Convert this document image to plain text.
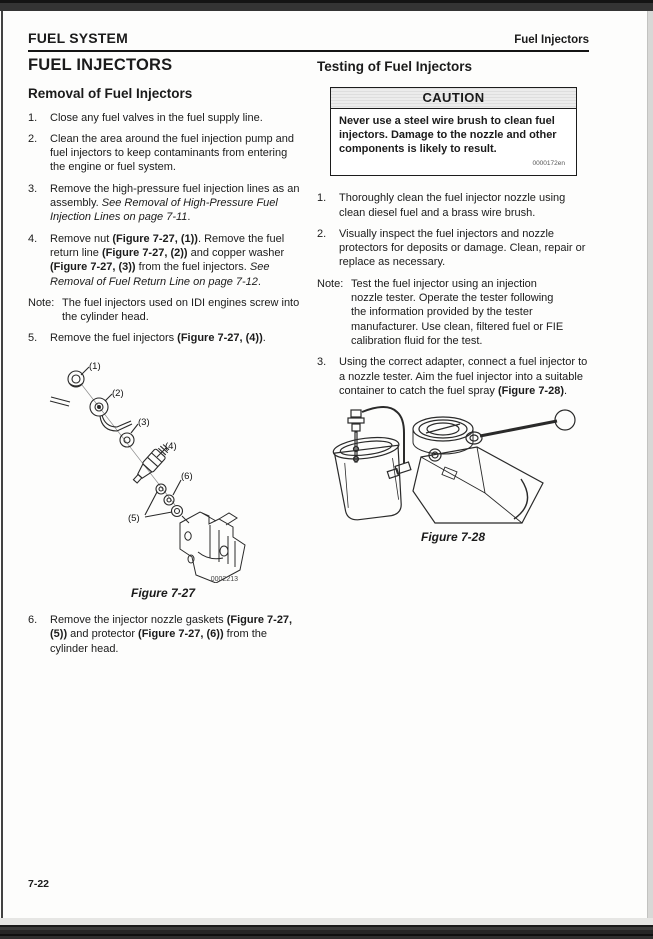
FUEL SYSTEM	Fuel Injectors
FUEL INJECTORS
Removal of Fuel Injectors
1.	Close any fuel valves in the fuel supply line.
2.	Clean the area around the fuel injection pump and fuel injectors to keep contaminants from entering the engine or fuel system.
3.	Remove the high-pressure fuel injection lines as an assembly. See Removal of High-Pressure Fuel Injection Lines on page 7-11.
4.	Remove nut (Figure 7-27, (1)). Remove the fuel return line (Figure 7-27, (2)) and copper washer (Figure 7-27, (3)) from the fuel injectors. See Removal of Fuel Return Line on page 7-12.
Note: The fuel injectors used on IDI engines screw into the cylinder head.
5.	Remove the fuel injectors (Figure 7-27, (4)).
(1)
(2)
(3)
(4)
(5)
(6)
0002213
Figure 7-27
6.	Remove the injector nozzle gaskets (Figure 7-27, (5)) and protector (Figure 7-27, (6)) from the cylinder head.
Testing of Fuel Injectors
CAUTION
Never use a steel wire brush to clean fuel injectors. Damage to the nozzle and other components is likely to result.
0000172en
1.	Thoroughly clean the fuel injector nozzle using clean diesel fuel and a brass wire brush.
2.	Visually inspect the fuel injectors and nozzle protectors for deposits or damage. Clean, repair or replace as necessary.
Note: Test the fuel injector using an injection nozzle tester. Operate the tester following the information provided by the tester manufacturer. Use clean, filtered fuel or FIE calibration fluid for the test.
3.	Using the correct adapter, connect a fuel injector to a nozzle tester. Aim the fuel injector into a suitable container to catch the fuel spray (Figure 7-28).
Figure 7-28
7-22
